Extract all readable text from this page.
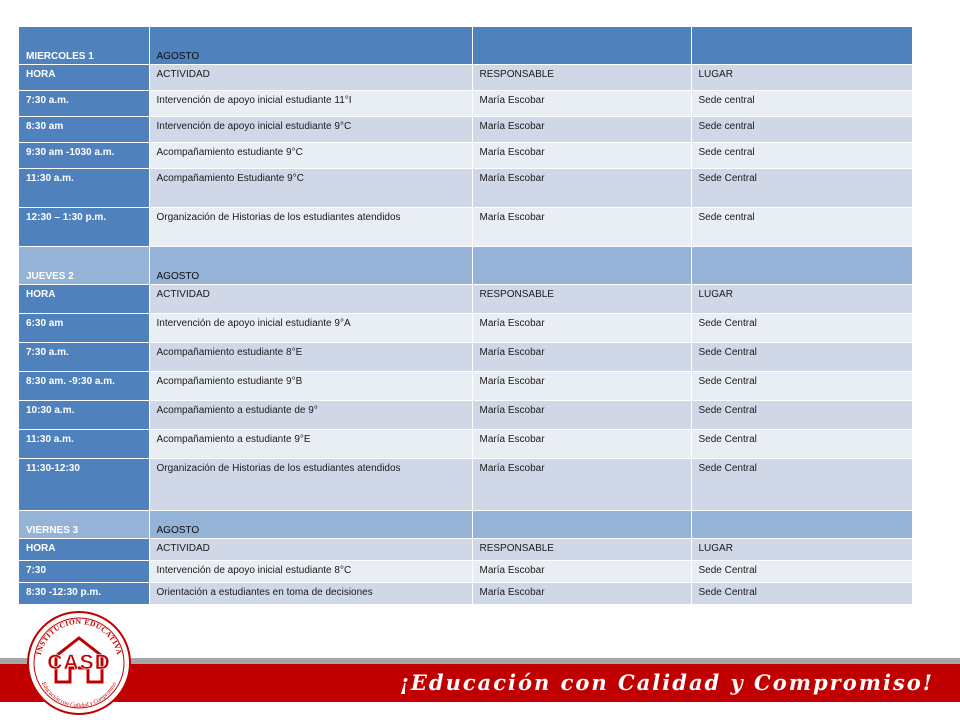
MIERCOLES 1	AGOSTO		
HORA	ACTIVIDAD	RESPONSABLE	LUGAR
7:30 a.m.	Intervención de apoyo inicial estudiante 11°I	María Escobar	Sede central
8:30 am	Intervención de apoyo inicial estudiante 9°C	María Escobar	Sede central
9:30 am -1030 a.m.	Acompañamiento estudiante 9°C	María Escobar	Sede central
11:30 a.m.	Acompañamiento Estudiante 9°C	María Escobar	Sede Central
12:30 – 1:30 p.m.	Organización de Historias de los estudiantes atendidos	María Escobar	Sede central
JUEVES 2	AGOSTO		
HORA	ACTIVIDAD	RESPONSABLE	LUGAR
6:30 am	Intervención de apoyo inicial estudiante 9°A	María Escobar	Sede Central
7:30 a.m.	Acompañamiento estudiante 8°E	María Escobar	Sede Central
8:30 am. -9:30 a.m.	Acompañamiento estudiante 9°B	María Escobar	Sede Central
10:30 a.m.	Acompañamiento a estudiante de 9°	María Escobar	Sede Central
11:30 a.m.	Acompañamiento a estudiante 9°E	María Escobar	Sede Central
11:30-12:30	Organización de Historias de los estudiantes atendidos	María Escobar	Sede Central
VIERNES 3	AGOSTO		
HORA	ACTIVIDAD	RESPONSABLE	LUGAR
7:30	Intervención de apoyo inicial estudiante 8°C	María Escobar	Sede Central
8:30 -12:30 p.m.	Orientación a estudiantes en toma de decisiones	María Escobar	Sede Central
¡Educación con Calidad y Compromiso!
INSTITUCIÓN EDUCATIVA
Educación con Calidad y Compromiso
CASD
